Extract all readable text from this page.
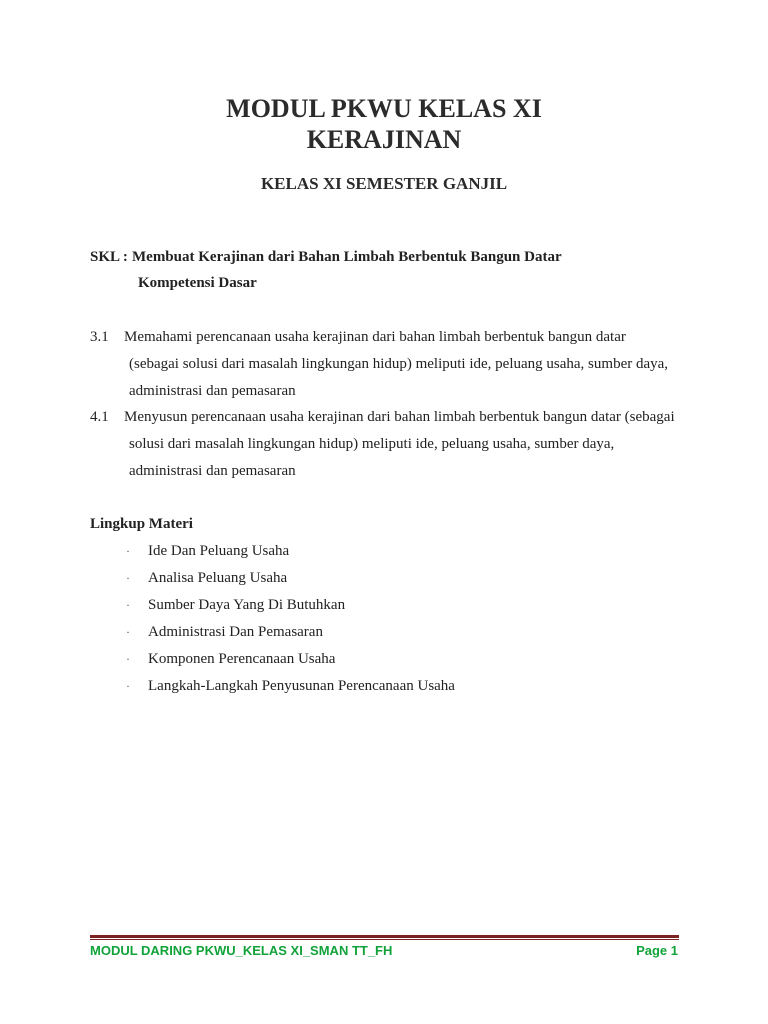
MODUL PKWU KELAS XI
KERAJINAN
KELAS XI SEMESTER GANJIL
SKL : Membuat Kerajinan dari Bahan Limbah Berbentuk Bangun Datar
Kompetensi Dasar
3.1 Memahami perencanaan usaha kerajinan dari bahan limbah berbentuk bangun datar
(sebagai solusi dari masalah lingkungan hidup) meliputi ide, peluang usaha, sumber daya,
administrasi dan pemasaran
4.1 Menyusun perencanaan usaha kerajinan dari bahan limbah berbentuk bangun datar (sebagai
solusi dari masalah lingkungan hidup) meliputi ide, peluang usaha, sumber daya,
administrasi dan pemasaran
Lingkup Materi
· Ide Dan Peluang Usaha
· Analisa Peluang Usaha
· Sumber Daya Yang Di Butuhkan
· Administrasi Dan Pemasaran
· Komponen Perencanaan Usaha
· Langkah-Langkah Penyusunan Perencanaan Usaha
MODUL DARING PKWU_KELAS XI_SMAN TT_FH	Page 1
